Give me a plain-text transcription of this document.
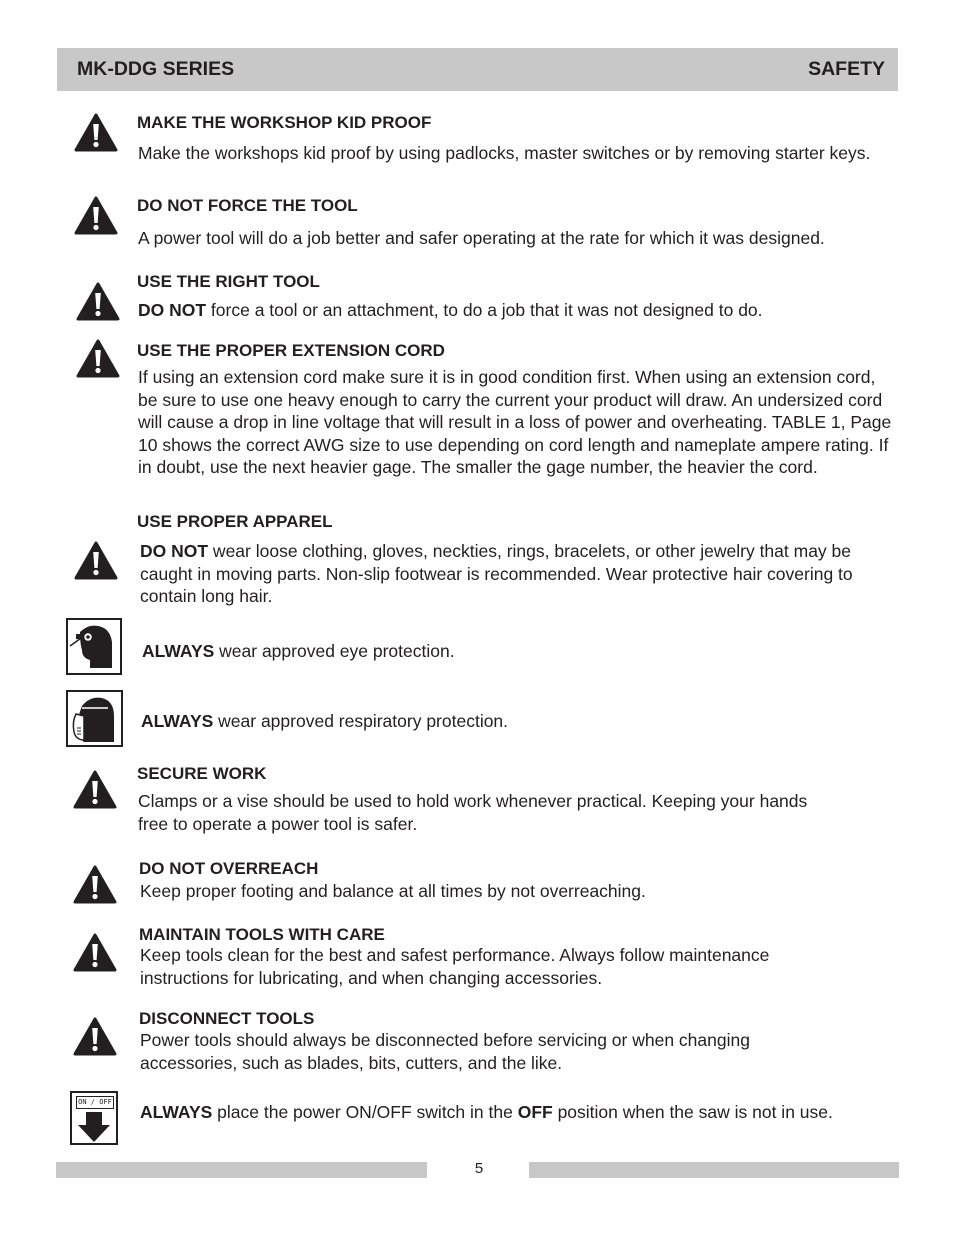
MK-DDG SERIES	SAFETY
MAKE THE WORKSHOP KID PROOF
Make the workshops kid proof by using padlocks, master switches or by removing starter keys.
DO NOT FORCE THE TOOL
A power tool will do a job better and safer operating at the rate for which it was designed.
USE THE RIGHT TOOL
DO NOT force a tool or an attachment, to do a job that it was not designed to do.
USE THE PROPER EXTENSION CORD
If using an extension cord make sure it is in good condition first. When using an extension cord, be sure to use one heavy enough to carry the current your product will draw. An undersized cord will cause a drop in line voltage that will result in a loss of power and overheating. TABLE 1, Page 10 shows the correct AWG size to use depending on cord length and nameplate ampere rating. If in doubt, use the next heavier gage. The smaller the gage number, the heavier the cord.
USE PROPER APPAREL
DO NOT wear loose clothing, gloves, neckties, rings, bracelets, or other jewelry that may be caught in moving parts. Non-slip footwear is recommended. Wear protective hair covering to contain long hair.
ALWAYS wear approved eye protection.
ALWAYS wear approved respiratory protection.
SECURE WORK
Clamps or a vise should be used to hold work whenever practical. Keeping your hands free to operate a power tool is safer.
DO NOT OVERREACH
Keep proper footing and balance at all times by not overreaching.
MAINTAIN TOOLS WITH CARE
Keep tools clean for the best and safest performance. Always follow maintenance instructions for lubricating, and when changing accessories.
DISCONNECT TOOLS
Power tools should always be disconnected before servicing or when changing accessories, such as blades, bits, cutters, and the like.
ON / OFF ALWAYS place the power ON/OFF switch in the OFF position when the saw is not in use.
5
